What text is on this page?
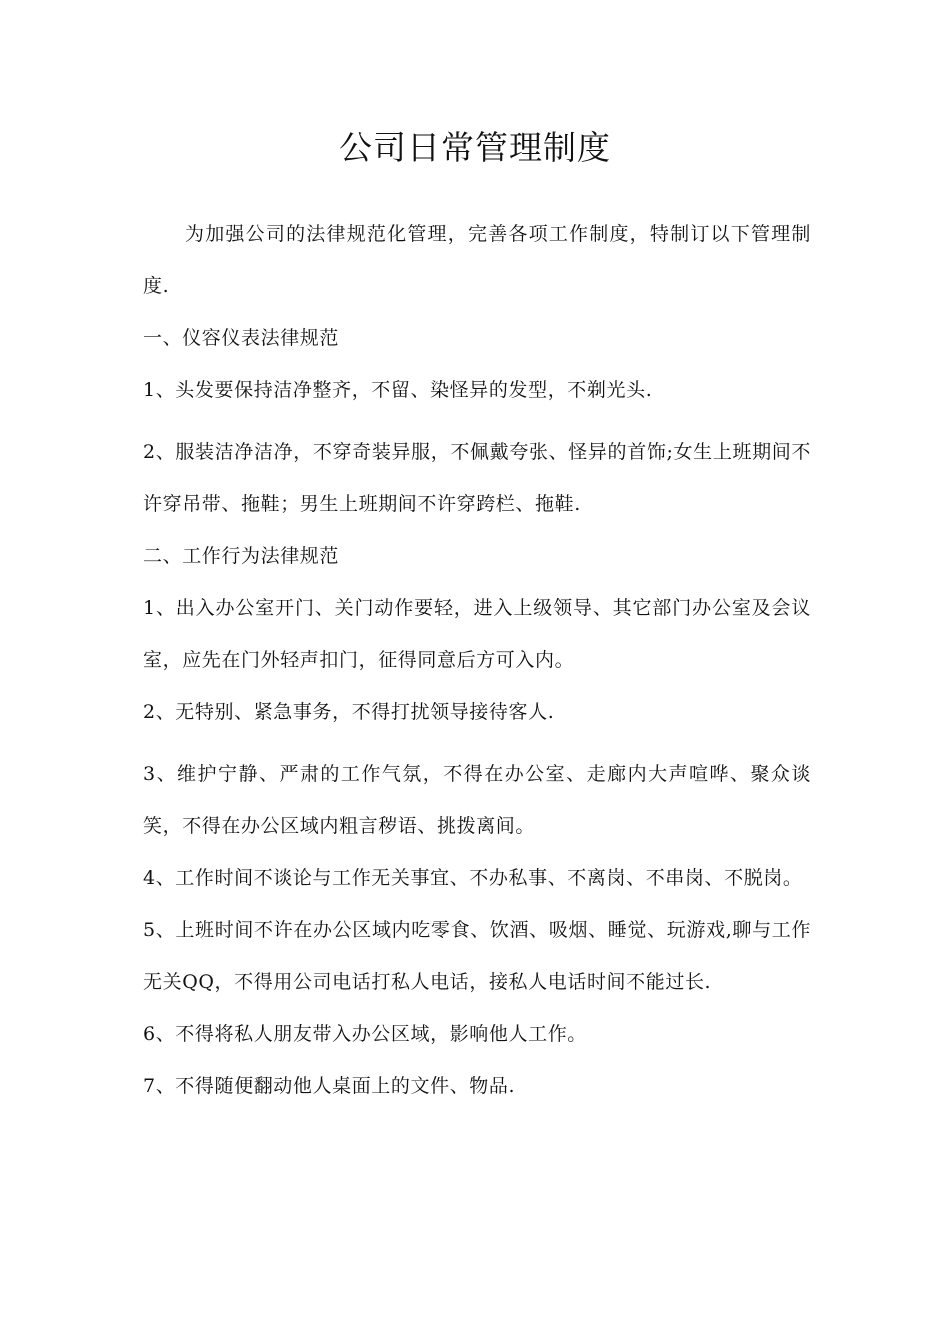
公司日常管理制度

为加强公司的法律规范化管理，完善各项工作制度，特制订以下管理制度.

一、仪容仪表法律规范

1、头发要保持洁净整齐，不留、染怪异的发型，不剃光头.

2、服装洁净洁净，不穿奇装异服，不佩戴夸张、怪异的首饰;女生上班期间不许穿吊带、拖鞋；男生上班期间不许穿跨栏、拖鞋.

二、工作行为法律规范

1、出入办公室开门、关门动作要轻，进入上级领导、其它部门办公室及会议室，应先在门外轻声扣门，征得同意后方可入内。

2、无特别、紧急事务，不得打扰领导接待客人.

3、维护宁静、严肃的工作气氛，不得在办公室、走廊内大声喧哗、聚众谈笑，不得在办公区域内粗言秽语、挑拨离间。

4、工作时间不谈论与工作无关事宜、不办私事、不离岗、不串岗、不脱岗。

5、上班时间不许在办公区域内吃零食、饮酒、吸烟、睡觉、玩游戏,聊与工作无关QQ，不得用公司电话打私人电话，接私人电话时间不能过长.

6、不得将私人朋友带入办公区域，影响他人工作。

7、不得随便翻动他人桌面上的文件、物品.
